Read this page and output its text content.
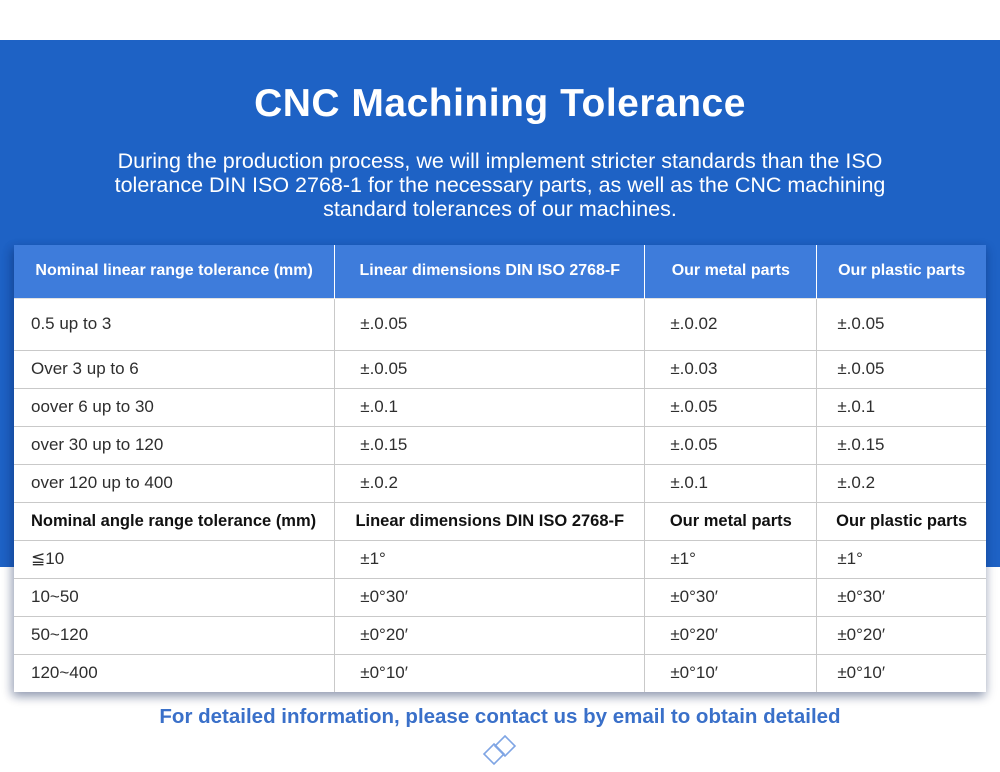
CNC Machining Tolerance
During the production process, we will implement stricter standards than the ISO
tolerance DIN ISO 2768-1 for the necessary parts, as well as the CNC machining
standard tolerances of our machines.
Nominal linear range tolerance (mm)	Linear dimensions DIN ISO 2768-F	Our metal parts	Our plastic parts
0.5 up to 3	±.0.05	±.0.02	±.0.05
Over 3 up to 6	±.0.05	±.0.03	±.0.05
oover 6 up to 30	±.0.1	±.0.05	±.0.1
over 30 up to 120	±.0.15	±.0.05	±.0.15
over 120 up to 400	±.0.2	±.0.1	±.0.2
Nominal angle range tolerance (mm)	Linear dimensions DIN ISO 2768-F	Our metal parts	Our plastic parts
≦10	±1°	±1°	±1°
10~50	±0°30′	±0°30′	±0°30′
50~120	±0°20′	±0°20′	±0°20′
120~400	±0°10′	±0°10′	±0°10′
For detailed information, please contact us by email to obtain detailed
